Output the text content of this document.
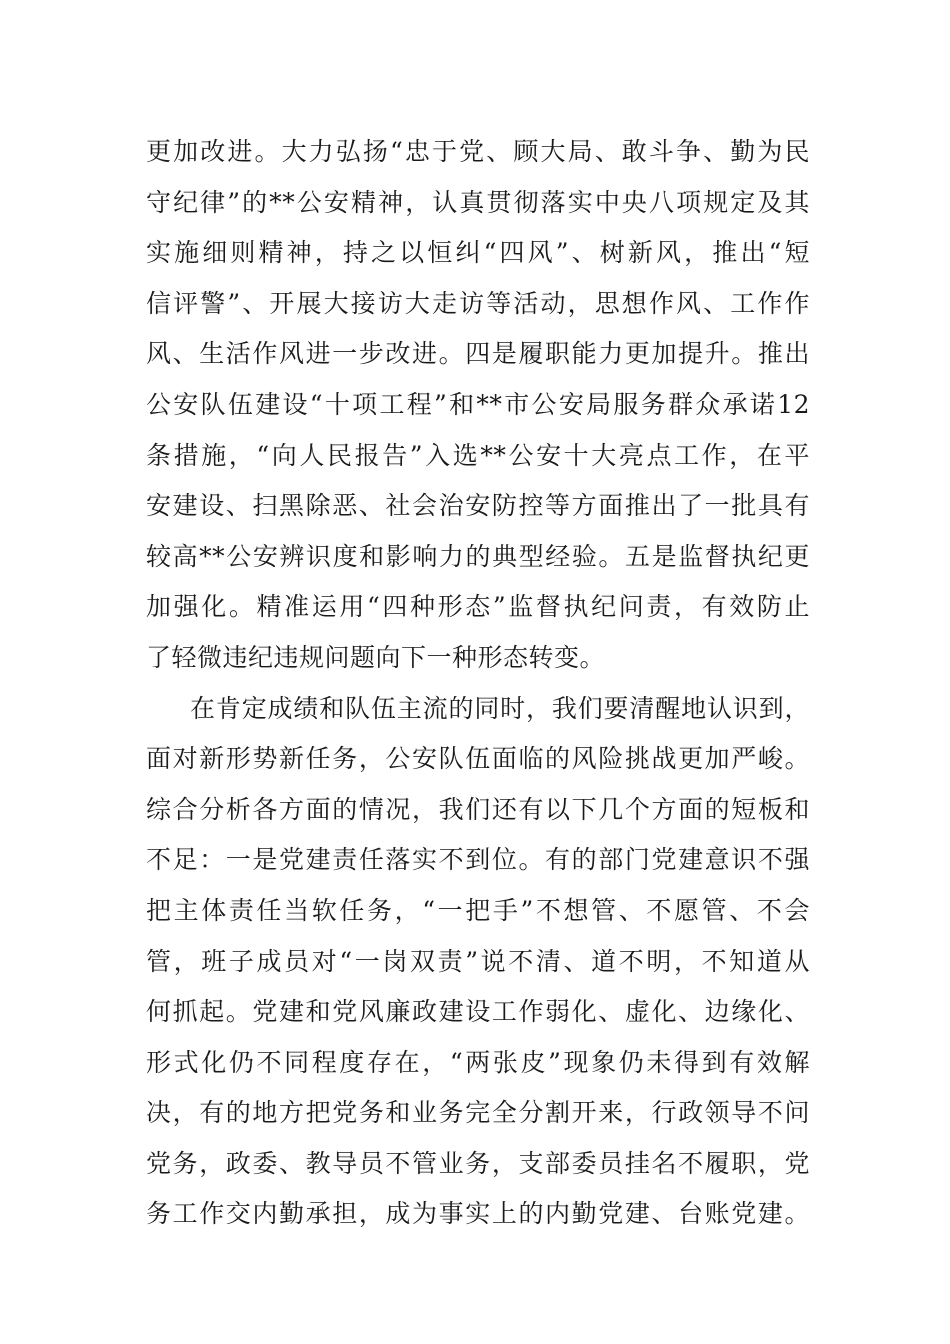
更加改进。大力弘扬“忠于党、顾大局、敢斗争、勤为民
守纪律”的**公安精神，认真贯彻落实中央八项规定及其
实施细则精神，持之以恒纠“四风”、树新风，推出“短
信评警”、开展大接访大走访等活动，思想作风、工作作
风、生活作风进一步改进。四是履职能力更加提升。推出
公安队伍建设“十项工程”和**市公安局服务群众承诺12
条措施，“向人民报告”入选**公安十大亮点工作，在平
安建设、扫黑除恶、社会治安防控等方面推出了一批具有
较高**公安辨识度和影响力的典型经验。五是监督执纪更
加强化。精准运用“四种形态”监督执纪问责，有效防止
了轻微违纪违规问题向下一种形态转变。
在肯定成绩和队伍主流的同时，我们要清醒地认识到，
面对新形势新任务，公安队伍面临的风险挑战更加严峻。
综合分析各方面的情况，我们还有以下几个方面的短板和
不足：一是党建责任落实不到位。有的部门党建意识不强
把主体责任当软任务，“一把手”不想管、不愿管、不会
管，班子成员对“一岗双责”说不清、道不明，不知道从
何抓起。党建和党风廉政建设工作弱化、虚化、边缘化、
形式化仍不同程度存在，“两张皮”现象仍未得到有效解
决，有的地方把党务和业务完全分割开来，行政领导不问
党务，政委、教导员不管业务，支部委员挂名不履职，党
务工作交内勤承担，成为事实上的内勤党建、台账党建。
